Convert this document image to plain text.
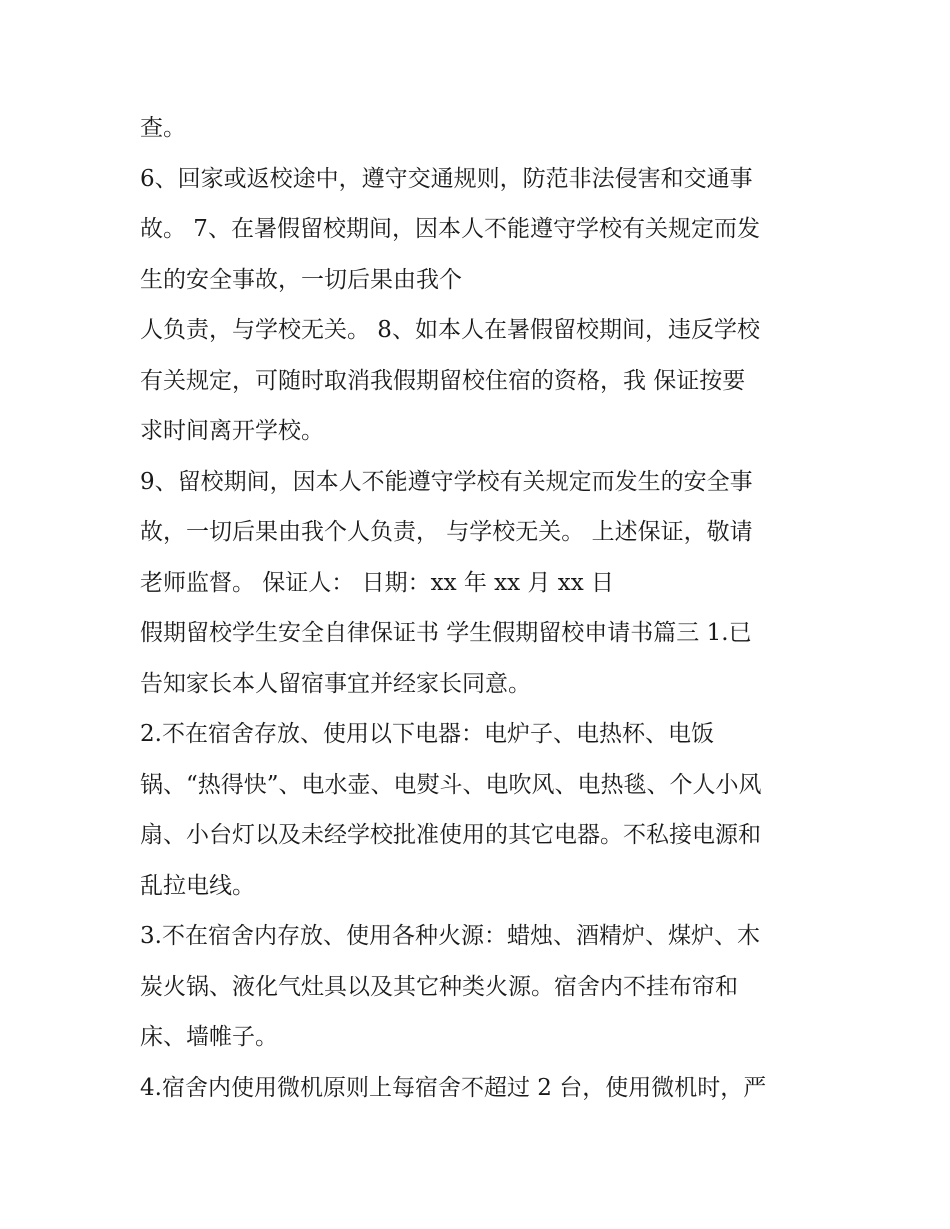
查。
6、回家或返校途中，遵守交通规则，防范非法侵害和交通事
故。 7、在暑假留校期间，因本人不能遵守学校有关规定而发
生的安全事故，一切后果由我个
人负责，与学校无关。 8、如本人在暑假留校期间，违反学校
有关规定，可随时取消我假期留校住宿的资格，我 保证按要
求时间离开学校。
9、留校期间，因本人不能遵守学校有关规定而发生的安全事
故，一切后果由我个人负责， 与学校无关。 上述保证，敬请
老师监督。 保证人： 日期：xx 年 xx 月 xx 日
假期留校学生安全自律保证书 学生假期留校申请书篇三 1.已
告知家长本人留宿事宜并经家长同意。
2.不在宿舍存放、使用以下电器：电炉子、电热杯、电饭
锅、“热得快”、电水壶、电熨斗、电吹风、电热毯、个人小风
扇、小台灯以及未经学校批准使用的其它电器。不私接电源和
乱拉电线。
3.不在宿舍内存放、使用各种火源：蜡烛、酒精炉、煤炉、木
炭火锅、液化气灶具以及其它种类火源。宿舍内不挂布帘和
床、墙帷子。
4.宿舍内使用微机原则上每宿舍不超过 2 台，使用微机时，严
